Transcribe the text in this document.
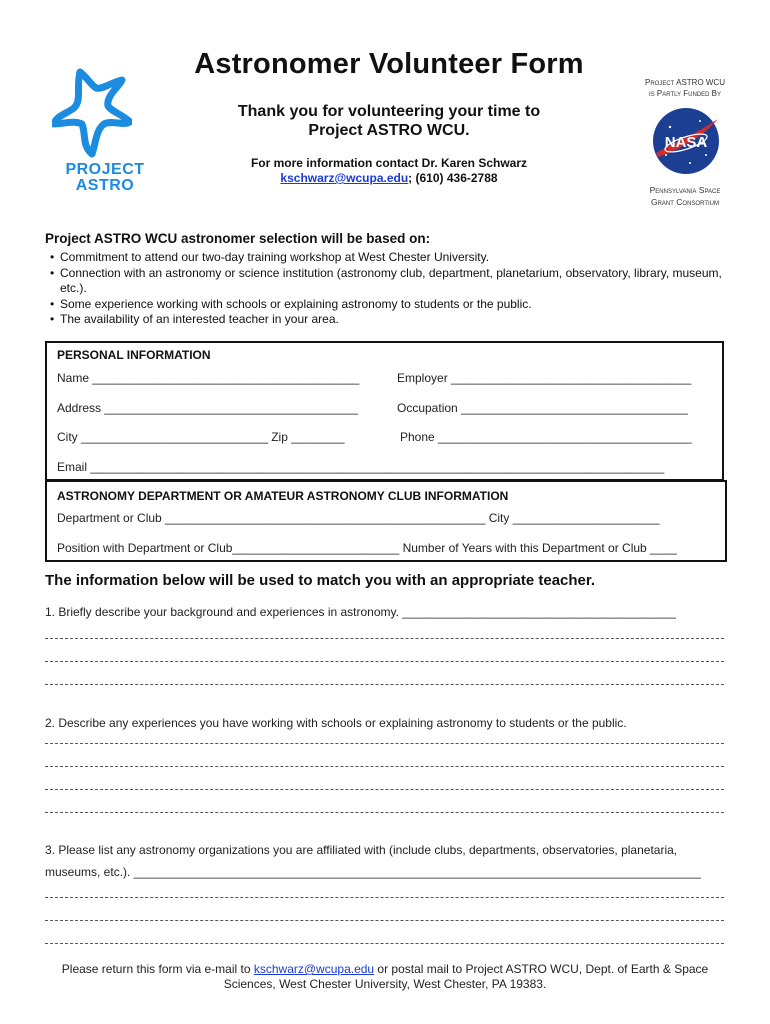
PROJECT
ASTRO
Astronomer Volunteer Form
Thank you for volunteering your time to
Project ASTRO WCU.
For more information contact Dr. Karen Schwarz
kschwarz@wcupa.edu; (610) 436-2788
Project ASTRO WCU
is Partly Funded By
NASA
Pennsylvania Space
Grant Consortium
Project ASTRO WCU astronomer selection will be based on:
• Commitment to attend our two-day training workshop at West Chester University.
• Connection with an astronomy or science institution (astronomy club, department, planetarium, observatory, library, museum, etc.).
• Some experience working with schools or explaining astronomy to students or the public.
• The availability of an interested teacher in your area.
PERSONAL INFORMATION
Name ________________________________________	Employer ____________________________________
Address ______________________________________	Occupation __________________________________
City ____________________________ Zip ________	Phone ______________________________________
Email ______________________________________________________________________________________
ASTRONOMY DEPARTMENT OR AMATEUR ASTRONOMY CLUB INFORMATION
Department or Club ________________________________________________ City ______________________
Position with Department or Club_________________________ Number of Years with this Department or Club ____
The information below will be used to match you with an appropriate teacher.
1. Briefly describe your background and experiences in astronomy. _________________________________________
2. Describe any experiences you have working with schools or explaining astronomy to students or the public.
3. Please list any astronomy organizations you are affiliated with (include clubs, departments, observatories, planetaria,
museums, etc.). _____________________________________________________________________________________
Please return this form via e-mail to kschwarz@wcupa.edu or postal mail to Project ASTRO WCU, Dept. of Earth & Space
Sciences, West Chester University, West Chester, PA 19383.
